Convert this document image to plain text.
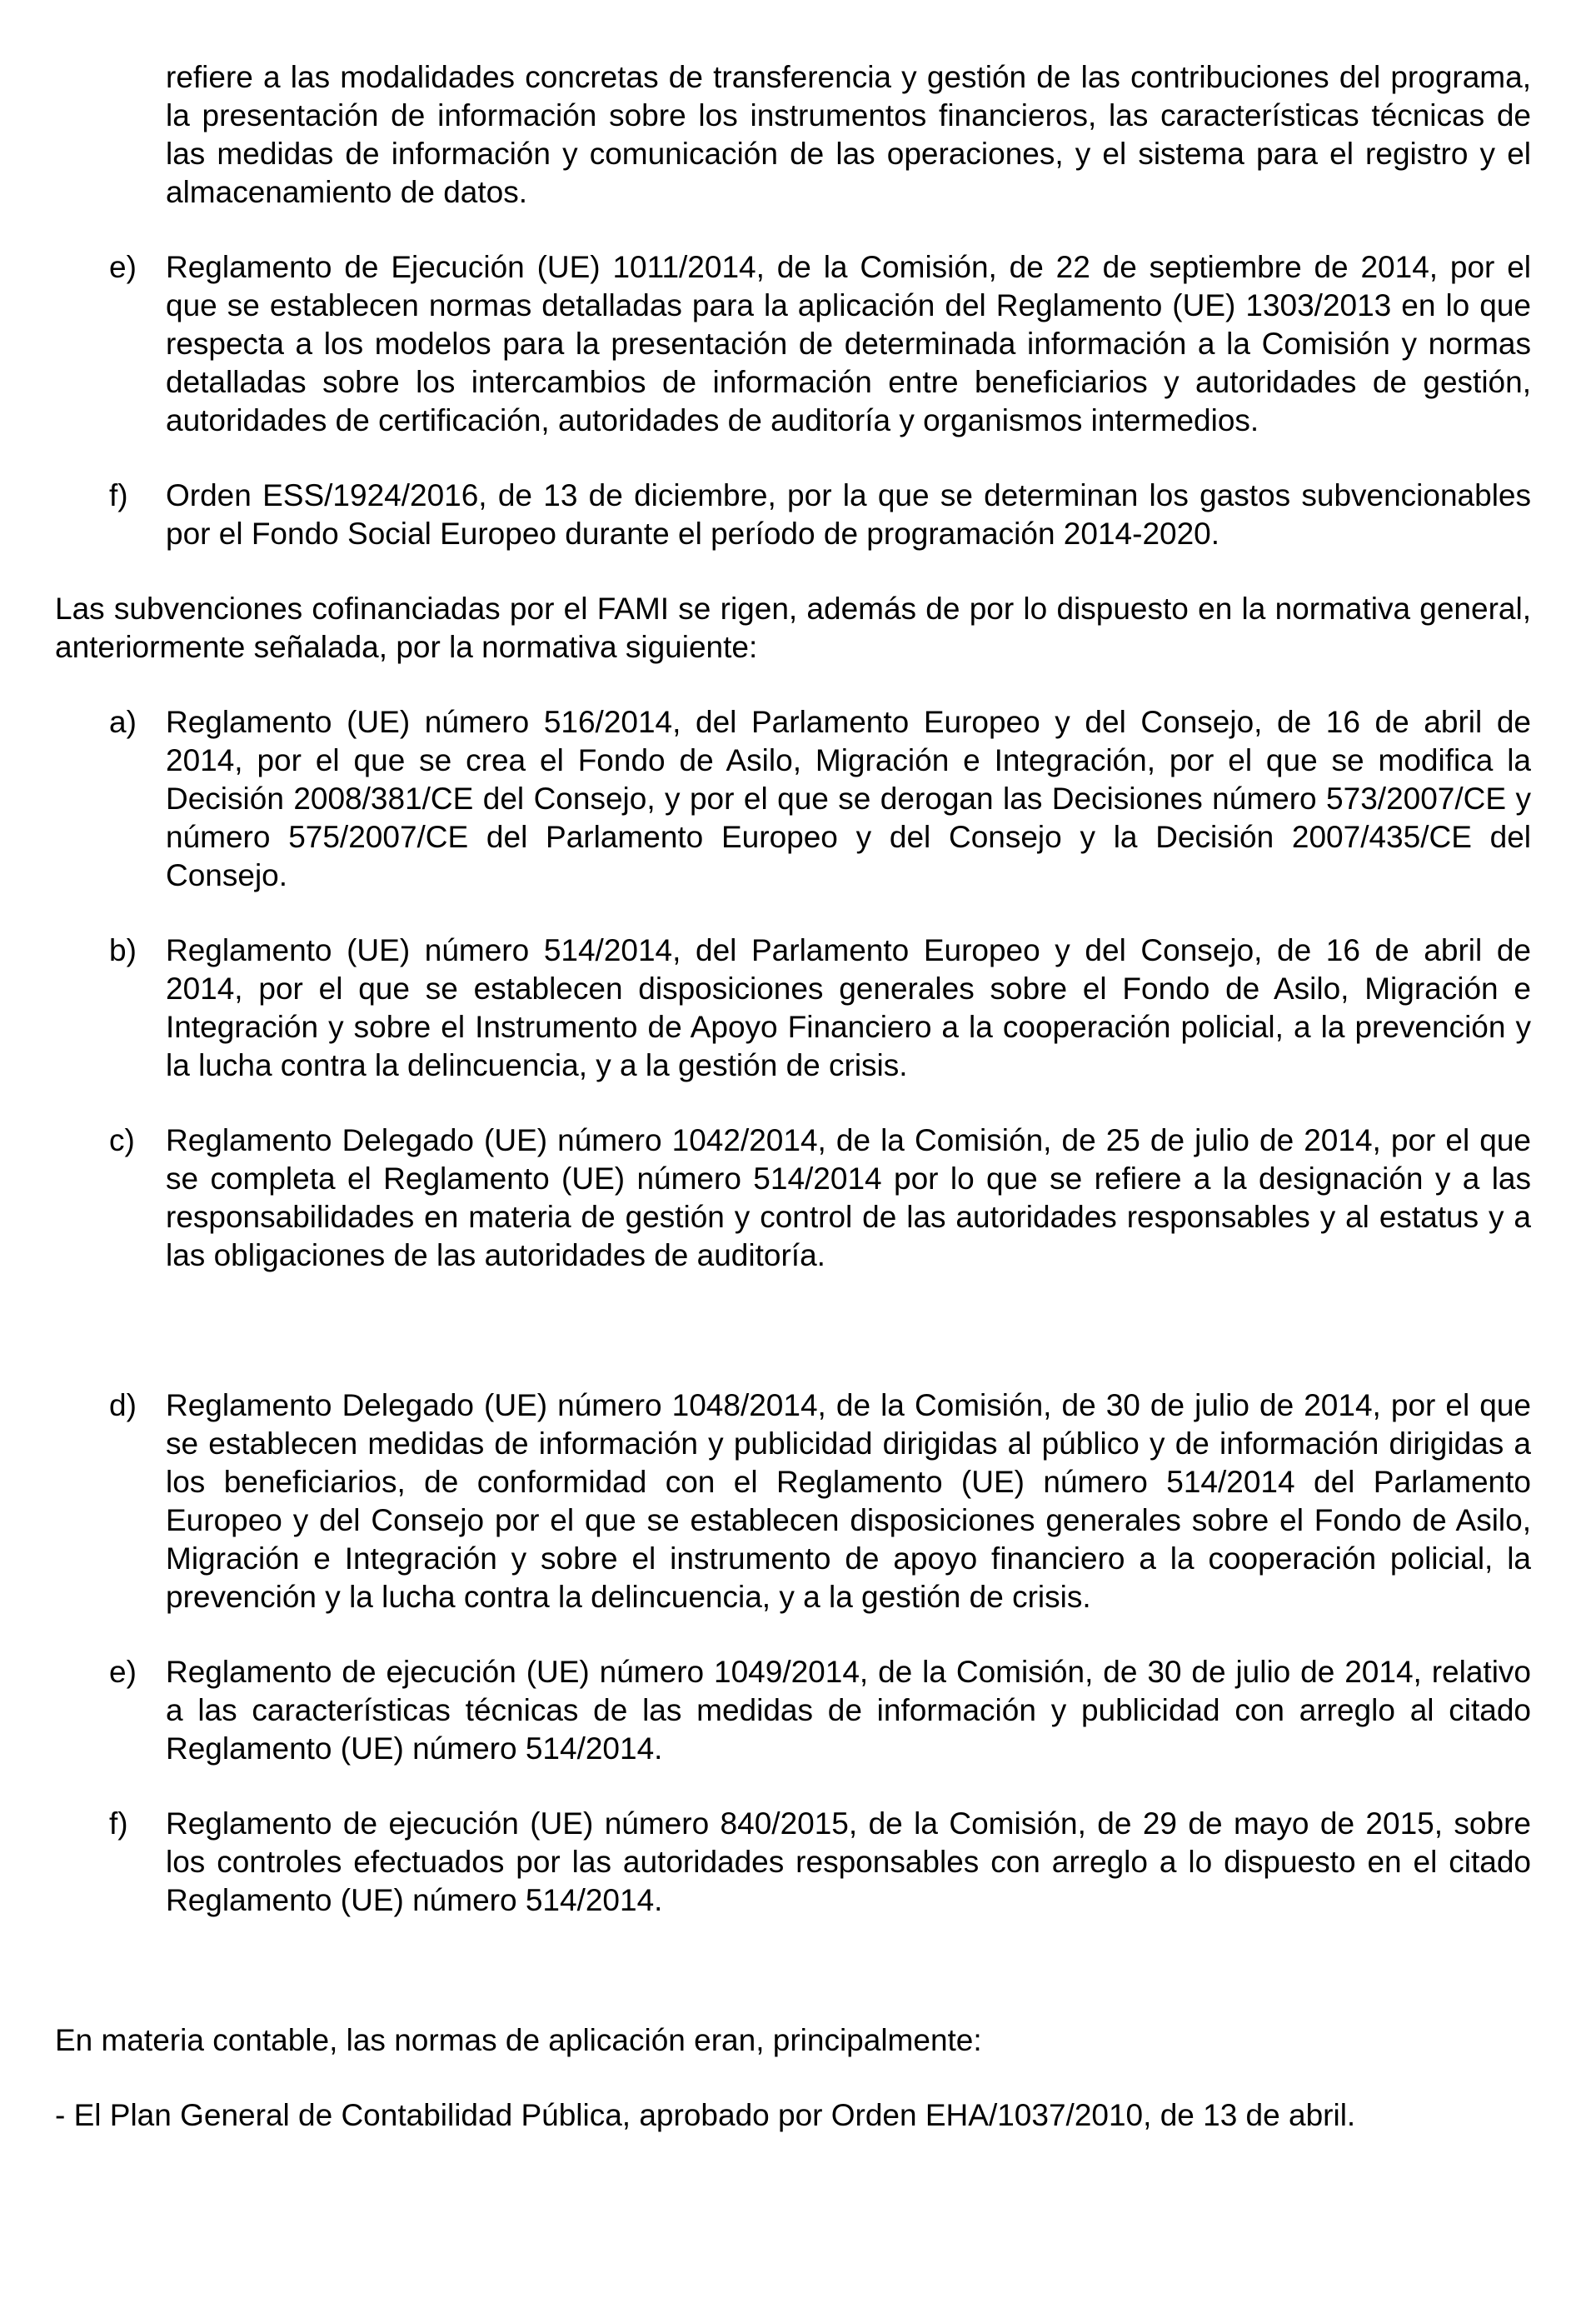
refiere a las modalidades concretas de transferencia y gestión de las contribuciones del programa, la presentación de información sobre los instrumentos financieros, las características técnicas de las medidas de información y comunicación de las operaciones, y el sistema para el registro y el almacenamiento de datos.
e) Reglamento de Ejecución (UE) 1011/2014, de la Comisión, de 22 de septiembre de 2014, por el que se establecen normas detalladas para la aplicación del Reglamento (UE) 1303/2013 en lo que respecta a los modelos para la presentación de determinada información a la Comisión y normas detalladas sobre los intercambios de información entre beneficiarios y autoridades de gestión, autoridades de certificación, autoridades de auditoría y organismos intermedios.
f)	Orden ESS/1924/2016, de 13 de diciembre, por la que se determinan los gastos subvencionables por el Fondo Social Europeo durante el período de programación 2014-2020.
Las subvenciones cofinanciadas por el FAMI se rigen, además de por lo dispuesto en la normativa general, anteriormente señalada, por la normativa siguiente:
a) Reglamento (UE) número 516/2014, del Parlamento Europeo y del Consejo, de 16 de abril de 2014, por el que se crea el Fondo de Asilo, Migración e Integración, por el que se modifica la Decisión 2008/381/CE del Consejo, y por el que se derogan las Decisiones número 573/2007/CE y número 575/2007/CE del Parlamento Europeo y del Consejo y la Decisión 2007/435/CE del Consejo.
b) Reglamento (UE) número 514/2014, del Parlamento Europeo y del Consejo, de 16 de abril de 2014, por el que se establecen disposiciones generales sobre el Fondo de Asilo, Migración e Integración y sobre el Instrumento de Apoyo Financiero a la cooperación policial, a la prevención y la lucha contra la delincuencia, y a la gestión de crisis.
c)	Reglamento Delegado (UE) número 1042/2014, de la Comisión, de 25 de julio de 2014, por el que se completa el Reglamento (UE) número 514/2014 por lo que se refiere a la designación y a las responsabilidades en materia de gestión y control de las autoridades responsables y al estatus y a las obligaciones de las autoridades de auditoría.
d) Reglamento Delegado (UE) número 1048/2014, de la Comisión, de 30 de julio de 2014, por el que se establecen medidas de información y publicidad dirigidas al público y de información dirigidas a los beneficiarios, de conformidad con el Reglamento (UE) número 514/2014 del Parlamento Europeo y del Consejo por el que se establecen disposiciones generales sobre el Fondo de Asilo, Migración e Integración y sobre el instrumento de apoyo financiero a la cooperación policial, la prevención y la lucha contra la delincuencia, y a la gestión de crisis.
e) Reglamento de ejecución (UE) número 1049/2014, de la Comisión, de 30 de julio de 2014, relativo a las características técnicas de las medidas de información y publicidad con arreglo al citado Reglamento (UE) número 514/2014.
f)	Reglamento de ejecución (UE) número 840/2015, de la Comisión, de 29 de mayo de 2015, sobre los controles efectuados por las autoridades responsables con arreglo a lo dispuesto en el citado Reglamento (UE) número 514/2014.
En materia contable, las normas de aplicación eran, principalmente:
- El Plan General de Contabilidad Pública, aprobado por Orden EHA/1037/2010, de 13 de abril.
